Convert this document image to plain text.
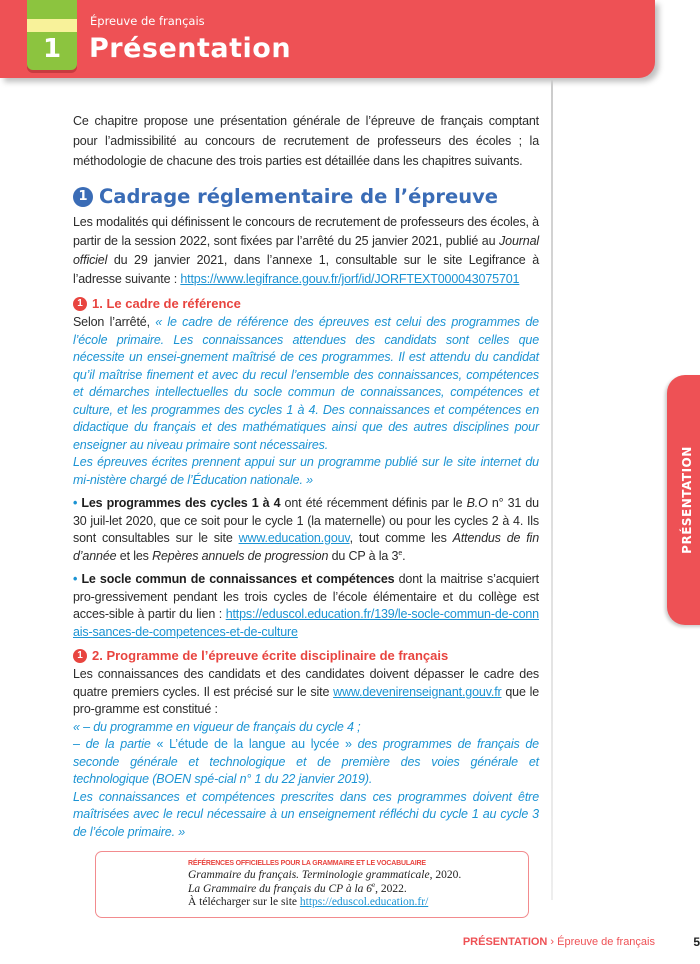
1
Épreuve de français
Présentation
PRÉSENTATION

Ce chapitre propose une présentation générale de l’épreuve de français comptant pour l’admissibilité au concours de recrutement de professeurs des écoles ; la méthodologie de chacune des trois parties est détaillée dans les chapitres suivants.

1 Cadrage réglementaire de l’épreuve

Les modalités qui définissent le concours de recrutement de professeurs des écoles, à partir de la session 2022, sont fixées par l’arrêté du 25 janvier 2021, publié au Journal officiel du 29 janvier 2021, dans l’annexe 1, consultable sur le site Legifrance à l’adresse suivante : https://www.legifrance.gouv.fr/jorf/id/JORFTEXT000043075701

1 1. Le cadre de référence

Selon l’arrêté, « le cadre de référence des épreuves est celui des programmes de l’école primaire. Les connaissances attendues des candidats sont celles que nécessite un ensei-gnement maîtrisé de ces programmes. Il est attendu du candidat qu’il maîtrise finement et avec du recul l’ensemble des connaissances, compétences et démarches intellectuelles du socle commun de connaissances, compétences et culture, et les programmes des cycles 1 à 4. Des connaissances et compétences en didactique du français et des mathématiques ainsi que des autres disciplines pour enseigner au niveau primaire sont nécessaires.
Les épreuves écrites prennent appui sur un programme publié sur le site internet du mi-nistère chargé de l’Éducation nationale. »

• Les programmes des cycles 1 à 4 ont été récemment définis par le B.O n° 31 du 30 juil-let 2020, que ce soit pour le cycle 1 (la maternelle) ou pour les cycles 2 à 4. Ils sont consultables sur le site www.education.gouv, tout comme les Attendus de fin d’année et les Repères annuels de progression du CP à la 3e.

• Le socle commun de connaissances et compétences dont la maitrise s’acquiert pro-gressivement pendant les trois cycles de l’école élémentaire et du collège est acces-sible à partir du lien : https://eduscol.education.fr/139/le-socle-commun-de-connais-sances-de-competences-et-de-culture

1 2. Programme de l’épreuve écrite disciplinaire de français

Les connaissances des candidats et des candidates doivent dépasser le cadre des quatre premiers cycles. Il est précisé sur le site www.devenirenseignant.gouv.fr que le pro-gramme est constitué :

« – du programme en vigueur de français du cycle 4 ;
– de la partie « L’étude de la langue au lycée » des programmes de français de seconde générale et technologique et de première des voies générale et technologique (BOEN spé-cial n° 1 du 22 janvier 2019).
Les connaissances et compétences prescrites dans ces programmes doivent être maîtrisées avec le recul nécessaire à un enseignement réfléchi du cycle 1 au cycle 3 de l’école primaire. »

RÉFÉRENCES OFFICIELLES POUR LA GRAMMAIRE ET LE VOCABULAIRE
Grammaire du français. Terminologie grammaticale, 2020.
La Grammaire du français du CP à la 6e, 2022.
À télécharger sur le site https://eduscol.education.fr/
PRÉSENTATION › Épreuve de français	5
